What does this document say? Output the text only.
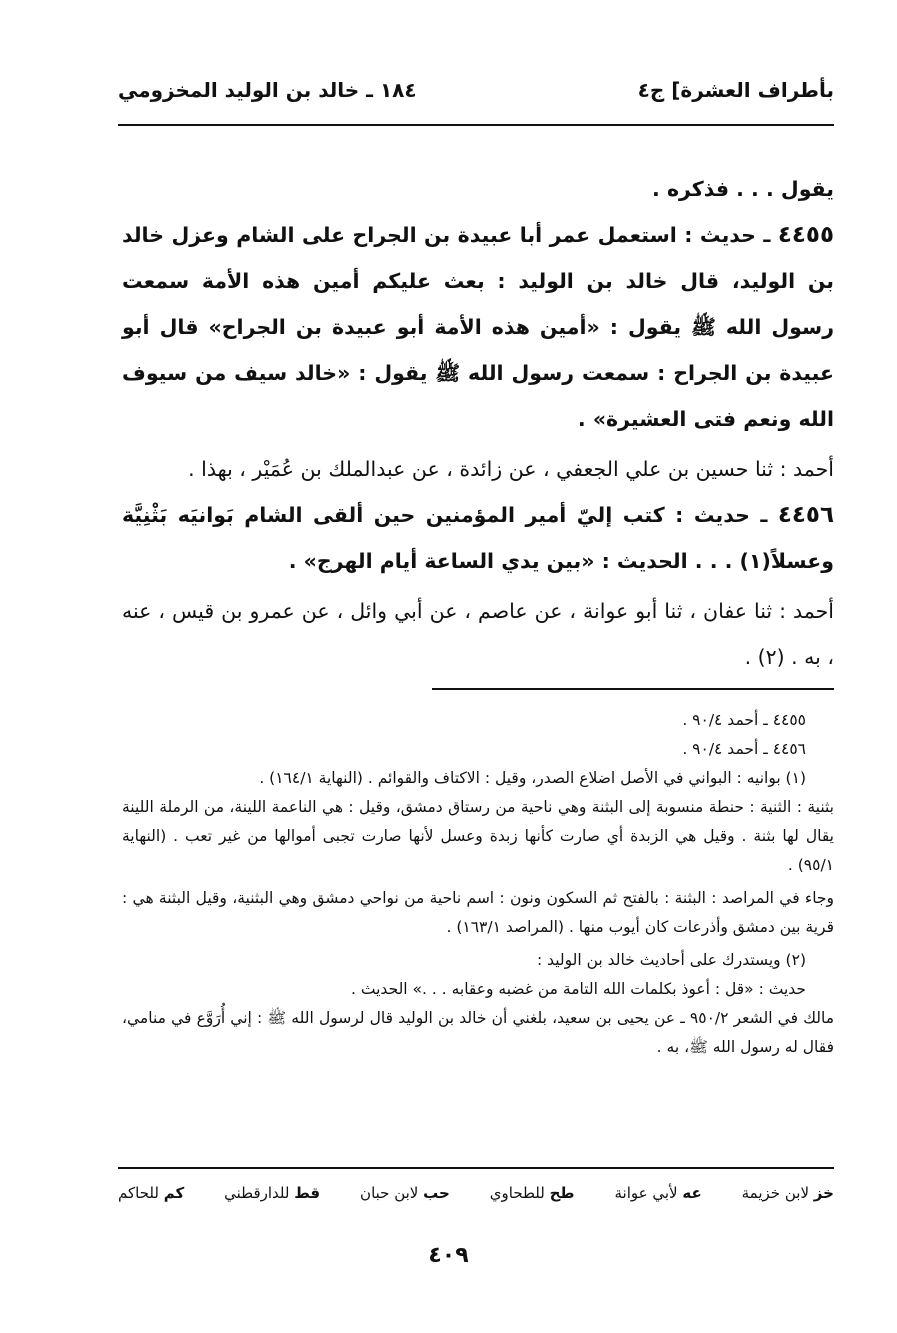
بأطراف العشرة] ج٤
١٨٤ ـ خالد بن الوليد المخزومي

يقول . . . فذكره .

٤٤٥٥ ـ حديث : استعمل عمر أبا عبيدة بن الجراح على الشام وعزل خالد بن الوليد، قال خالد بن الوليد : بعث عليكم أمين هذه الأمة سمعت رسول الله ﷺ يقول : «أمين هذه الأمة أبو عبيدة بن الجراح» قال أبو عبيدة بن الجراح : سمعت رسول الله ﷺ يقول : «خالد سيف من سيوف الله ونعم فتى العشيرة» .

أحمد : ثنا حسين بن علي الجعفي ، عن زائدة ، عن عبدالملك بن عُمَيْر ، بهذا .

٤٤٥٦ ـ حديث : كتب إليّ أمير المؤمنين حين ألقى الشام بَوانيَه بَثْنِيَّة وعسلاً(١) . . . الحديث : «بين يدي الساعة أيام الهرج» .

أحمد : ثنا عفان ، ثنا أبو عوانة ، عن عاصم ، عن أبي وائل ، عن عمرو بن قيس ، عنه ، به . (٢) .

٤٤٥٥ ـ أحمد ٩٠/٤ .

٤٤٥٦ ـ أحمد ٩٠/٤ .

(١) بوانيه : البواني في الأصل اضلاع الصدر، وقيل : الاكتاف والقوائم . (النهاية ١٦٤/١) .

بثنية : الثنية : حنطة منسوبة إلى البثنة وهي ناحية من رستاق دمشق، وقيل : هي الناعمة اللينة، من الرملة اللينة يقال لها بثنة . وقيل هي الزبدة أي صارت كأنها زبدة وعسل لأنها صارت تجبى أموالها من غير تعب . (النهاية ٩٥/١) .

وجاء في المراصد : البثنة : بالفتح ثم السكون ونون : اسم ناحية من نواحي دمشق وهي البثنية، وقيل البثنة هي : قرية بين دمشق وأذرعات كان أيوب منها . (المراصد ١٦٣/١) .

(٢) ويستدرك على أحاديث خالد بن الوليد :

حديث : «قل : أعوذ بكلمات الله التامة من غضبه وعقابه . . .» الحديث .

مالك في الشعر ٩٥٠/٢ ـ عن يحيى بن سعيد، بلغني أن خالد بن الوليد قال لرسول الله ﷺ : إني أُرَوَّع في منامي، فقال له رسول الله ﷺ، به .

خز لابن خزيمة
عه لأبي عوانة
طح للطحاوي
حب لابن حبان
قط للدارقطني
كم للحاكم
٤٠٩
